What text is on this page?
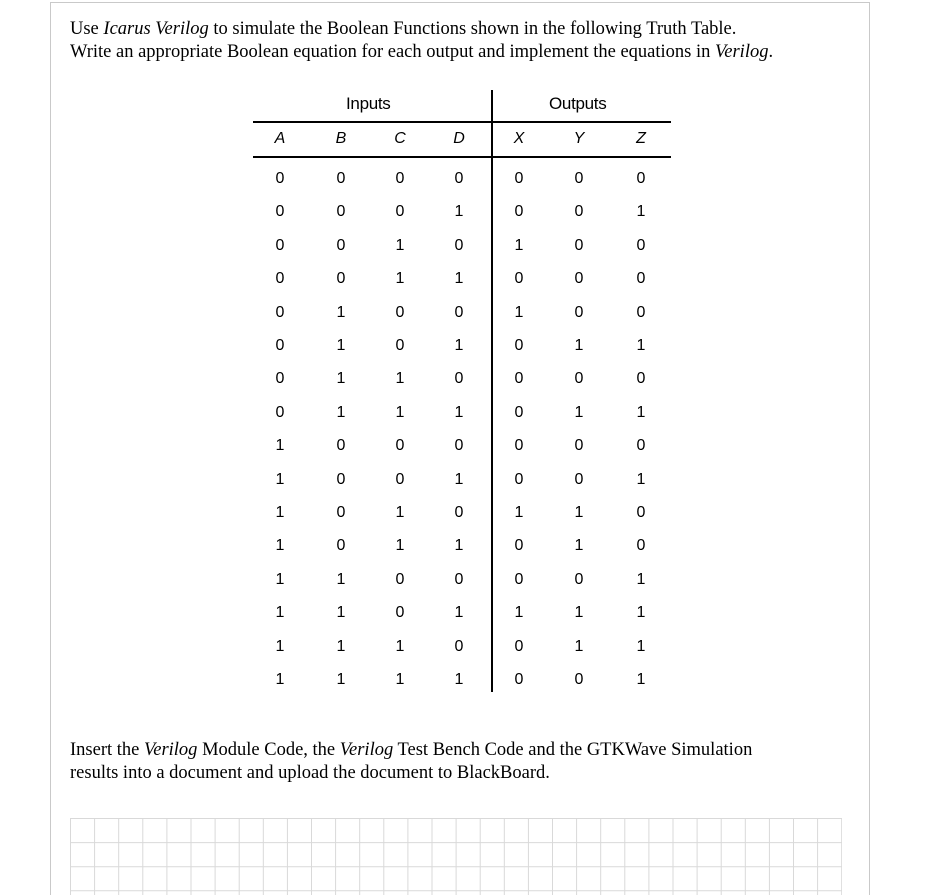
Use Icarus Verilog to simulate the Boolean Functions shown in the following Truth Table.
Write an appropriate Boolean equation for each output and implement the equations in Verilog.
Inputs	Outputs
A	B	C	D	X	Y	Z
0	0	0	0	0	0	0
0	0	0	1	0	0	1
0	0	1	0	1	0	0
0	0	1	1	0	0	0
0	1	0	0	1	0	0
0	1	0	1	0	1	1
0	1	1	0	0	0	0
0	1	1	1	0	1	1
1	0	0	0	0	0	0
1	0	0	1	0	0	1
1	0	1	0	1	1	0
1	0	1	1	0	1	0
1	1	0	0	0	0	1
1	1	0	1	1	1	1
1	1	1	0	0	1	1
1	1	1	1	0	0	1
Insert the Verilog Module Code, the Verilog Test Bench Code and the GTKWave Simulation
results into a document and upload the document to BlackBoard.
